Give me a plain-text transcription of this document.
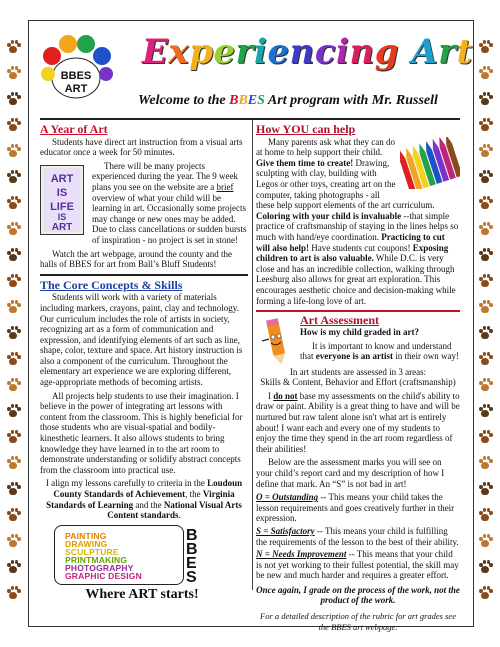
BBES
ART
Experiencing Art
Welcome to the BBES Art program with Mr. Russell
A Year of Art

Students have direct art instruction from a visual arts educator once a week for 50 minutes.

ART
IS
LIFE
IS
ART

There will be many projects experienced during the year. The 9 week plans you see on the website are a brief overview of what your child will be learning in art. Occasionally some projects may change or new ones may be added. Due to class cancellations or sudden bursts of inspiration - no project is set in stone!

Watch the art webpage, around the county and the halls of BBES for art from Ball’s Bluff Students!

The Core Concepts & Skills

Students will work with a variety of materials including markers, crayons, paint, clay and technology. Our curriculum includes the role of artists in society, recognizing art as a form of communication and expression, and identifying elements of art such as line, shape, color, texture and space. Art history instruction is also a component of the curriculum. Throughout the elementary art experience we are exploring different, age-appropriate methods of becoming artists.

All projects help students to use their imagination. I believe in the power of integrating art lessons with content from the classroom. This is highly beneficial for those students who are visual-spatial and bodily-kinesthetic learners. It also allows students to bring knowledge they have learned in to the art room to demonstrate understanding or solidify abstract concepts from the classroom into practical use.

I align my lessons carefully to criteria in the Loudoun County Standards of Achievement, the Virginia Standards of Learning and the National Visual Arts Content standards.

PAINTING
DRAWING
SCULPTURE
PRINTMAKING
PHOTOGRAPHY
GRAPHIC DESIGN
B
B
E
S
Where ART starts!
How YOU can help

Many parents ask what they can do at home to help support their child. Give them time to create! Drawing, sculpting with clay, building with Legos or other toys, creating art on the computer, taking photographs - all these help support elements of the art curriculum. Coloring with your child is invaluable --that simple practice of craftsmanship of staying in the lines helps so much with hand/eye coordination. Practicing to cut will also help! Have students cut coupons! Exposing children to art is also valuable. While D.C. is very close and has an incredible collection, walking through Leesburg also allows for great art exploration. This encourages aesthetic choice and decision-making while forming a life-long love of art.

Art Assessment
How is my child graded in art?

It is important to know and understand that everyone is an artist in their own way!

In art students are assessed in 3 areas:
Skills & Content, Behavior and Effort (craftsmanship)

I do not base my assessments on the child's ability to draw or paint. Ability is a great thing to have and will be nurtured but raw talent alone isn't what art is entirely about! I want each and every one of my students to enjoy the time they spend in the art room regardless of their abilities!

Below are the assessment marks you will see on your child’s report card and my description of how I define that mark. An “S” is not bad in art!

O = Outstanding -- This means your child takes the lesson requirements and goes creatively further in their expression.
S = Satisfactory -- This means your child is fulfilling the requirements of the lesson to the best of their ability.
N = Needs Improvement -- This means that your child is not yet working to their fullest potential, the skill may be new and much harder and requires a greater effort.
Once again, I grade on the process of the work, not the product of the work.
For a detailed description of the rubric for art grades see the BBES art webpage.
